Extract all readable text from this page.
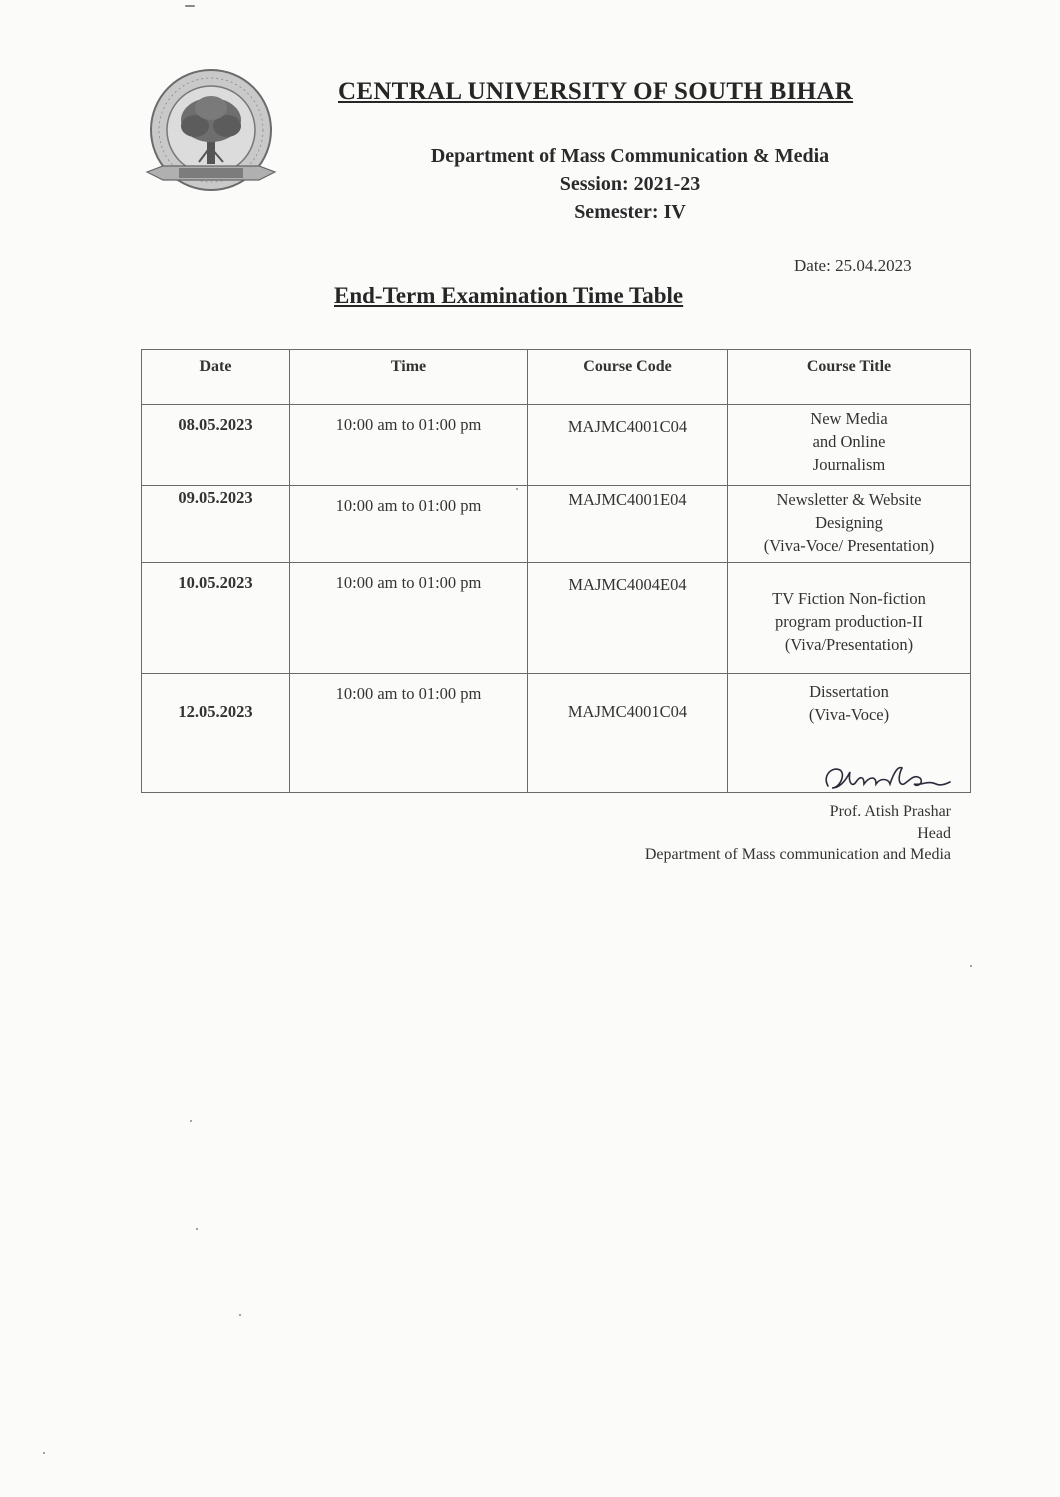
CENTRAL UNIVERSITY OF SOUTH BIHAR
Department of Mass Communication & Media
Session: 2021-23
Semester: IV
Date: 25.04.2023
End-Term Examination Time Table
Date	Time	Course Code	Course Title
08.05.2023	10:00 am to 01:00 pm	MAJMC4001C04	New Media
and Online
Journalism

09.05.2023	10:00 am to 01:00 pm	MAJMC4001E04	Newsletter & Website
Designing
(Viva-Voce/ Presentation)

10.05.2023	10:00 am to 01:00 pm	MAJMC4004E04	TV Fiction Non-fiction
program production-II
(Viva/Presentation)

12.05.2023	10:00 am to 01:00 pm	MAJMC4001C04	Dissertation
(Viva-Voce)
Prof. Atish Prashar
Head
Department of Mass communication and Media
